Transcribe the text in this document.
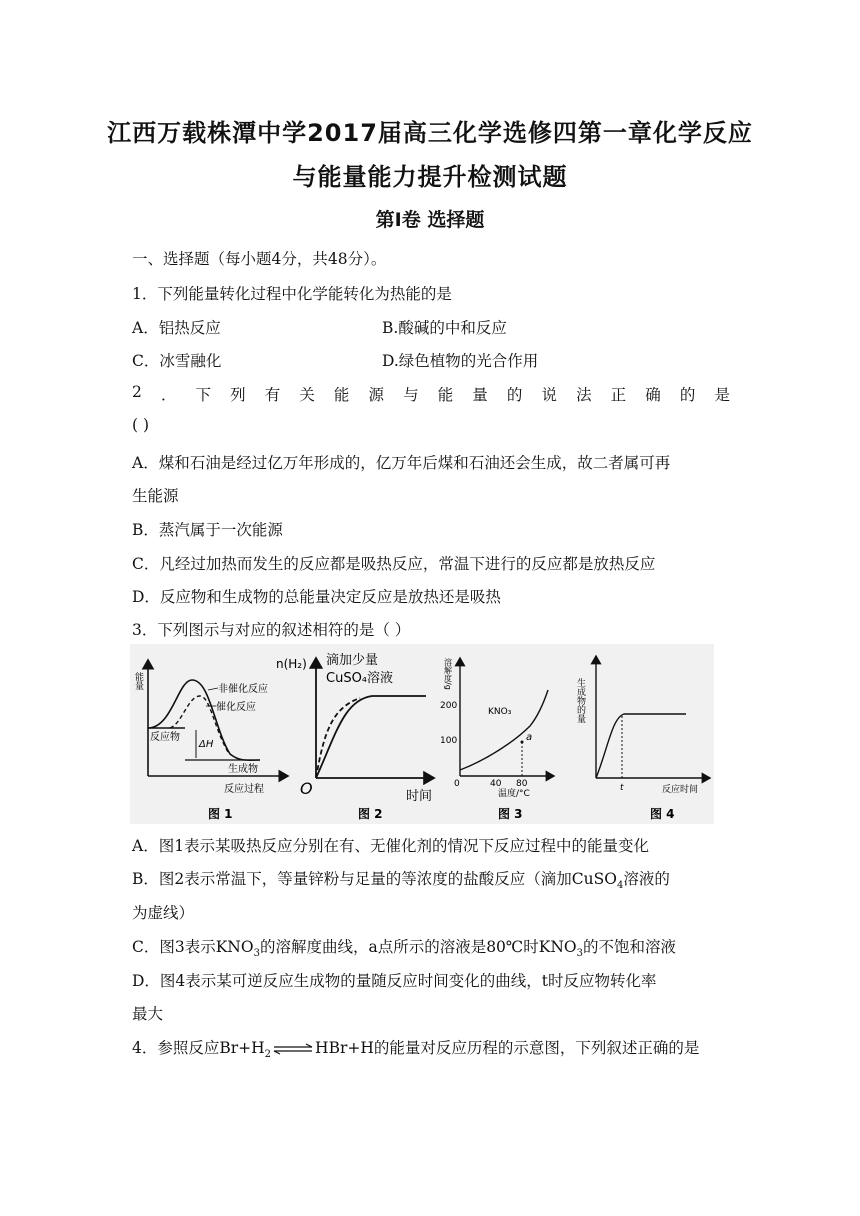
江西万载株潭中学2017届高三化学选修四第一章化学反应
与能量能力提升检测试题
第Ⅰ卷 选择题
一、选择题（每小题4分，共48分）。
1．下列能量转化过程中化学能转化为热能的是
A．铝热反应	B.酸碱的中和反应
C．冰雪融化	D.绿色植物的光合作用
2 ． 下 列 有 关 能 源 与 能 量 的 说 法 正 确 的 是
( )
A．煤和石油是经过亿万年形成的，亿万年后煤和石油还会生成，故二者属可再
生能源
B．蒸汽属于一次能源
C．凡经过加热而发生的反应都是吸热反应，常温下进行的反应都是放热反应
D．反应物和生成物的总能量决定反应是放热还是吸热
3．下列图示与对应的叙述相符的是（ ）
能量	非催化反应
催化反应
反应物
ΔH
生成物
反应过程
图 1
n(H₂) 滴加少量
CuSO₄溶液
O	时间
图 2
溶解度/g
200
100
0	40 80
a
KNO₃
温度/°C
图 3
生成物的量
t	反应时间
图 4
A．图1表示某吸热反应分别在有、无催化剂的情况下反应过程中的能量变化
B．图2表示常温下，等量锌粉与足量的等浓度的盐酸反应（滴加CuSO$_4$溶液的
为虚线）
C．图3表示$KNO_3$的溶解度曲线，a点所示的溶液是80℃时$KNO_3$的不饱和溶液
D．图4表示某可逆反应生成物的量随反应时间变化的曲线，t时反应物转化率
最大
4．参照反应$Br+H_2\rightleftharpoons HBr+H$的能量对反应历程的示意图，下列叙述正确的是
